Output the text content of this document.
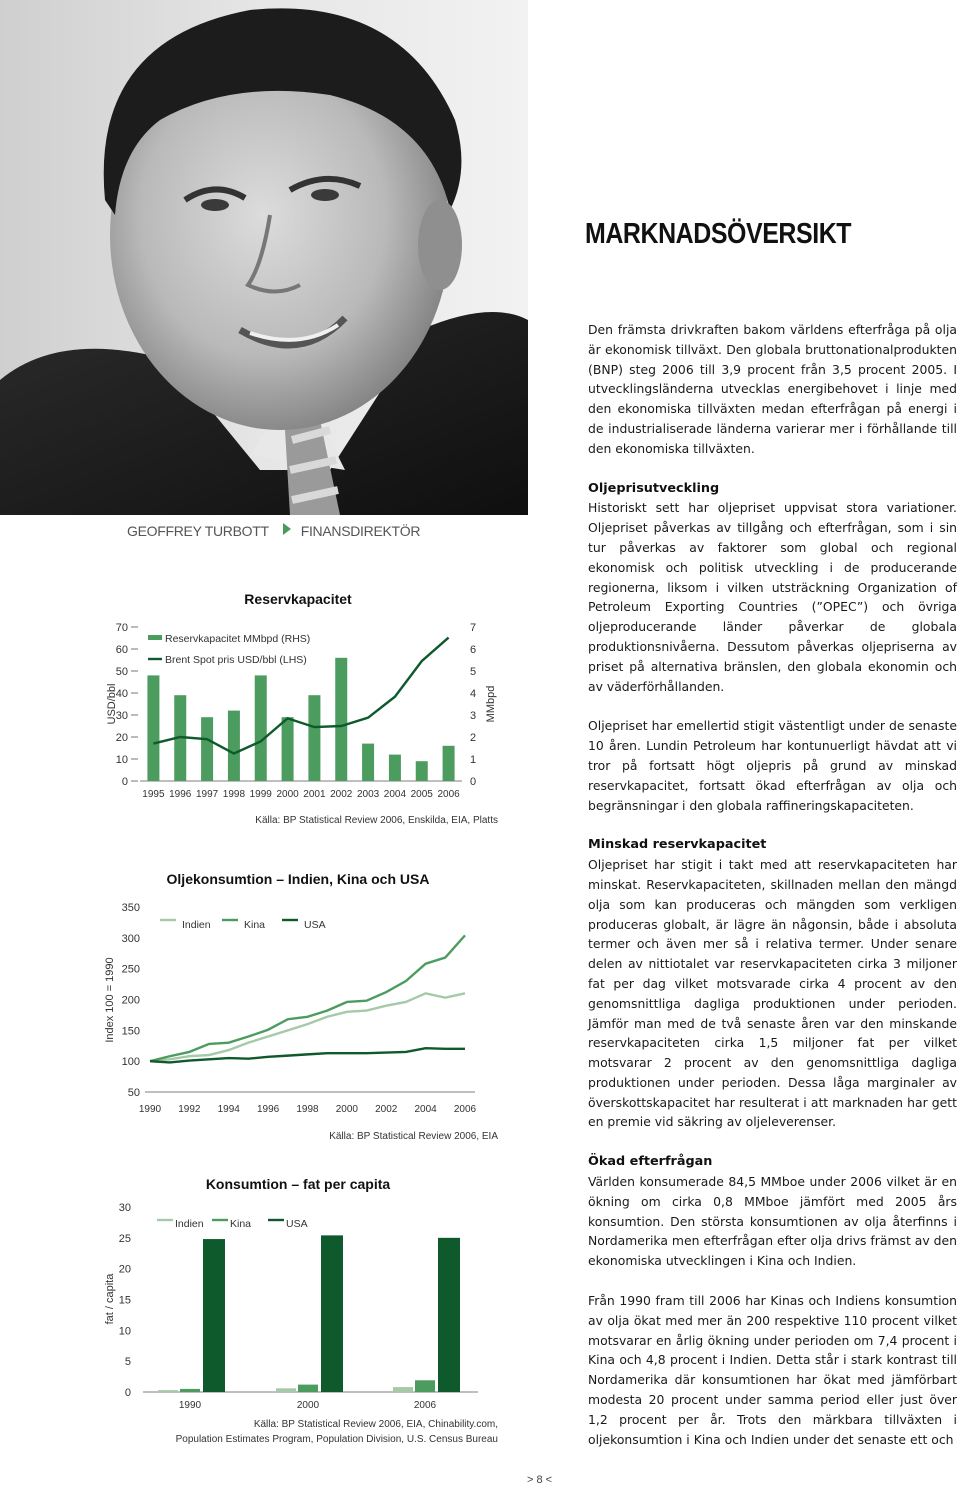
MARKNADSÖVERSIKT

Den främsta drivkraften bakom världens efterfråga på olja är ekonomisk tillväxt. Den globala bruttonationalprodukten (BNP) steg 2006 till 3,9 procent från 3,5 procent 2005. I utvecklingsländerna utvecklas energibehovet i linje med den ekonomiska tillväxten medan efterfrågan på energi i de industrialiserade länderna varierar mer i förhållande till den ekonomiska tillväxten.

Oljeprisutveckling

Historiskt sett har oljepriset uppvisat stora variationer. Oljepriset påverkas av tillgång och efterfrågan, som i sin tur påverkas av faktorer som global och regional ekonomisk och politisk utveckling i de producerande regionerna, liksom i vilken utsträckning Organization of Petroleum Exporting Countries (”OPEC”) och övriga oljeproducerande länder påverkar de globala produktionsnivåerna. Dessutom påverkas oljepriserna av priset på alternativa bränslen, den globala ekonomin och av väderförhållanden.

Oljepriset har emellertid stigit västentligt under de senaste 10 åren. Lundin Petroleum har kontunuerligt hävdat att vi tror på fortsatt högt oljepris på grund av minskad reservkapacitet, fortsatt ökad efterfrågan av olja och begränsningar i den globala raffineringskapaciteten.

Minskad reservkapacitet

Oljepriset har stigit i takt med att reservkapaciteten har minskat. Reservkapaciteten, skillnaden mellan den mängd olja som kan produceras och mängden som verkligen produceras globalt, är lägre än någonsin, både i absoluta termer och även mer så i relativa termer. Under senare delen av nittiotalet var reservkapaciteten cirka 3 miljoner fat per dag vilket motsvarade cirka 4 procent av den genomsnittliga dagliga produktionen under perioden. Jämför man med de två senaste åren var den minskande reservkapaciteten cirka 1,5 miljoner fat per vilket motsvarar 2 procent av den genomsnittliga dagliga produktionen under perioden. Dessa låga marginaler av överskottskapacitet har resulterat i att marknaden har gett en premie vid säkring av oljeleverenser.

Ökad efterfrågan

Världen konsumerade 84,5 MMboe under 2006 vilket är en ökning om cirka 0,8 MMboe jämfört med 2005 års konsumtion. Den största konsumtionen av olja återfinns i Nordamerika men efterfrågan efter olja drivs främst av den ekonomiska utvecklingen i Kina och Indien.

Från 1990 fram till 2006 har Kinas och Indiens konsumtion av olja ökat med mer än 200 respektive 110 procent vilket motsvarar en årlig ökning under perioden om 7,4 procent i Kina och 4,8 procent i Indien. Detta står i stark kontrast till Nordamerika där konsumtionen har ökat med jämförbart modesta 20 procent under samma period eller just över 1,2 procent per år. Trots den märkbara tillväxten i oljekonsumtion i Kina och Indien under det senaste ett och

GEOFFREY TURBOTT FINANSDIREKTÖR
Reservkapacitet
0
10
20
30
40
50
60
70
0
1
2
3
4
5
6
7
USD/bbl	MMbpd
1995 1996 1997 1998 1999 2000 2001 2002 2003 2004 2005 2006
Reservkapacitet MMbpd (RHS)
Brent Spot pris USD/bbl (LHS)
Källa: BP Statistical Review 2006, Enskilda, EIA, Platts
Oljekonsumtion – Indien, Kina och USA
50
100
150
200
250
300
350
Index 100 = 1990
1990 1992 1994 1996 1998 2000 2002 2004 2006
Indien	Kina	USA
Källa: BP Statistical Review 2006, EIA
Konsumtion – fat per capita
0
5
10
15
20
25
30
fat / capita
1990	2000	2006
Indien	Kina	USA
Källa: BP Statistical Review 2006, EIA, Chinability.com,
Population Estimates Program, Population Division, U.S. Census Bureau
> 8 <
